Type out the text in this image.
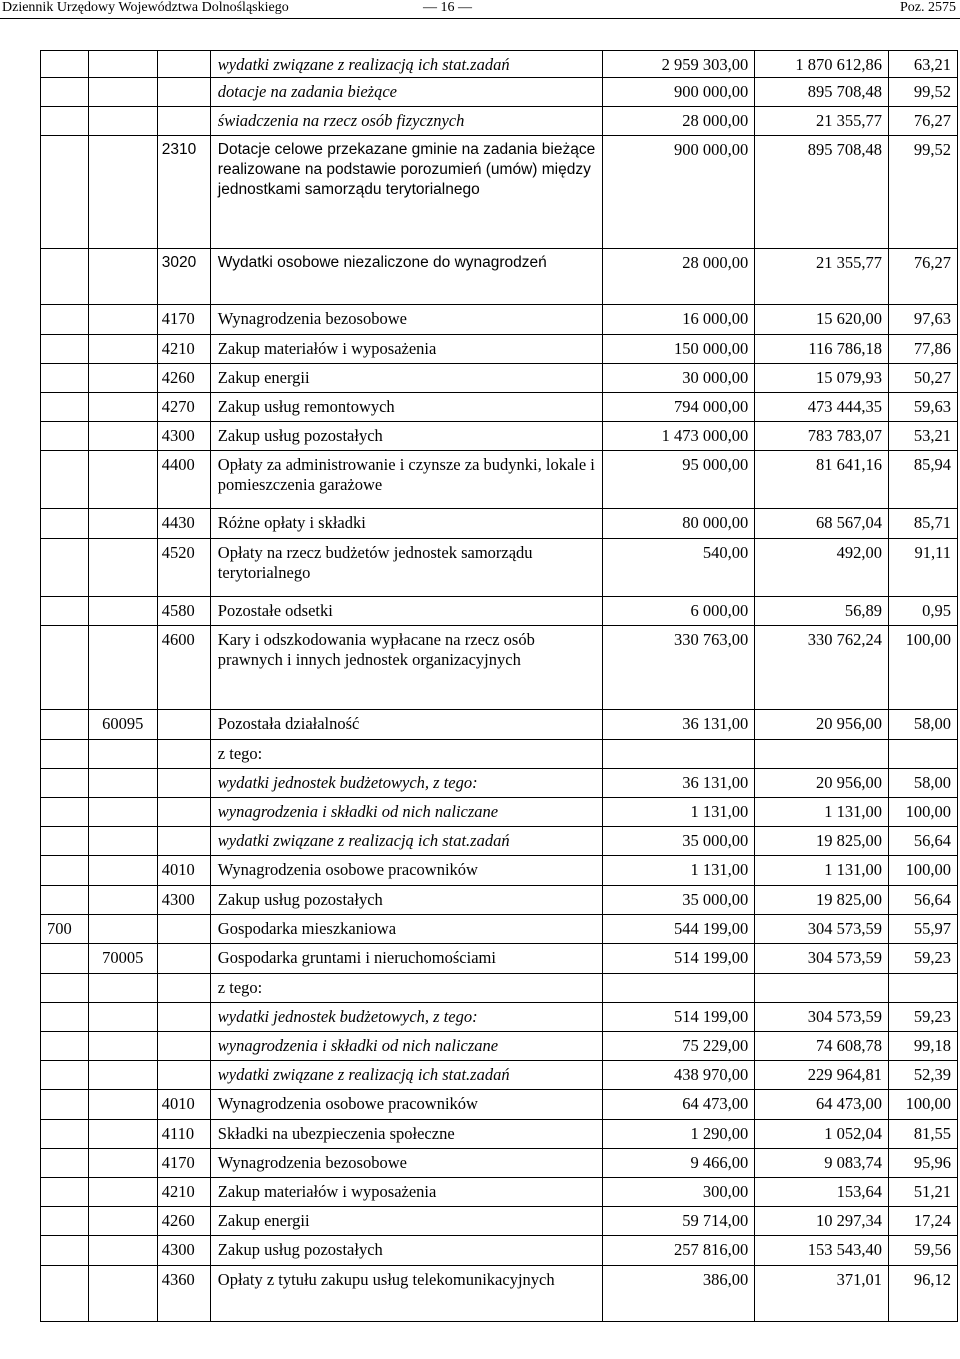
Dziennik Urzędowy Województwa Dolnośląskiego	— 16 —	Poz. 2575
			wydatki związane z realizacją ich stat.zadań	2 959 303,00	1 870 612,86	63,21
			dotacje na zadania bieżące	900 000,00	895 708,48	99,52
			świadczenia na rzecz osób fizycznych	28 000,00	21 355,77	76,27
		2310	Dotacje celowe przekazane gminie na zadania bieżące realizowane na podstawie porozumień (umów) między jednostkami samorządu terytorialnego	900 000,00	895 708,48	99,52
		3020	Wydatki osobowe niezaliczone do wynagrodzeń	28 000,00	21 355,77	76,27
		4170	Wynagrodzenia bezosobowe	16 000,00	15 620,00	97,63
		4210	Zakup materiałów i wyposażenia	150 000,00	116 786,18	77,86
		4260	Zakup energii	30 000,00	15 079,93	50,27
		4270	Zakup usług remontowych	794 000,00	473 444,35	59,63
		4300	Zakup usług pozostałych	1 473 000,00	783 783,07	53,21
		4400	Opłaty za administrowanie i czynsze za budynki, lokale i pomieszczenia garażowe	95 000,00	81 641,16	85,94
		4430	Różne opłaty i składki	80 000,00	68 567,04	85,71
		4520	Opłaty na rzecz budżetów jednostek samorządu terytorialnego	540,00	492,00	91,11
		4580	Pozostałe odsetki	6 000,00	56,89	0,95
		4600	Kary i odszkodowania wypłacane na rzecz osób prawnych i innych jednostek organizacyjnych	330 763,00	330 762,24	100,00
	60095		Pozostała działalność	36 131,00	20 956,00	58,00
			z tego:			
			wydatki jednostek budżetowych, z tego:	36 131,00	20 956,00	58,00
			wynagrodzenia i składki od nich naliczane	1 131,00	1 131,00	100,00
			wydatki związane z realizacją ich stat.zadań	35 000,00	19 825,00	56,64
		4010	Wynagrodzenia osobowe pracowników	1 131,00	1 131,00	100,00
		4300	Zakup usług pozostałych	35 000,00	19 825,00	56,64
700			Gospodarka mieszkaniowa	544 199,00	304 573,59	55,97
	70005		Gospodarka gruntami i nieruchomościami	514 199,00	304 573,59	59,23
			z tego:			
			wydatki jednostek budżetowych, z tego:	514 199,00	304 573,59	59,23
			wynagrodzenia i składki od nich naliczane	75 229,00	74 608,78	99,18
			wydatki związane z realizacją ich stat.zadań	438 970,00	229 964,81	52,39
		4010	Wynagrodzenia osobowe pracowników	64 473,00	64 473,00	100,00
		4110	Składki na ubezpieczenia społeczne	1 290,00	1 052,04	81,55
		4170	Wynagrodzenia bezosobowe	9 466,00	9 083,74	95,96
		4210	Zakup materiałów i wyposażenia	300,00	153,64	51,21
		4260	Zakup energii	59 714,00	10 297,34	17,24
		4300	Zakup usług pozostałych	257 816,00	153 543,40	59,56
		4360	Opłaty z tytułu zakupu usług telekomunikacyjnych	386,00	371,01	96,12
